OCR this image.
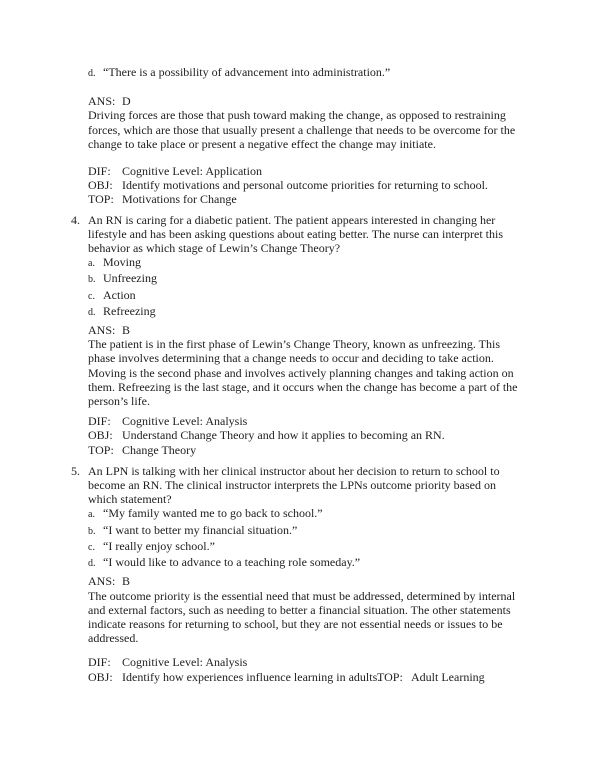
d. “There is a possibility of advancement into administration.”
ANS: D
Driving forces are those that push toward making the change, as opposed to restraining
forces, which are those that usually present a challenge that needs to be overcome for the
change to take place or present a negative effect the change may initiate.
DIF: Cognitive Level: Application
OBJ: Identify motivations and personal outcome priorities for returning to school.
TOP: Motivations for Change
4. An RN is caring for a diabetic patient. The patient appears interested in changing her
lifestyle and has been asking questions about eating better. The nurse can interpret this
behavior as which stage of Lewin’s Change Theory?
a. Moving
b. Unfreezing
c. Action
d. Refreezing
ANS: B
The patient is in the first phase of Lewin’s Change Theory, known as unfreezing. This
phase involves determining that a change needs to occur and deciding to take action.
Moving is the second phase and involves actively planning changes and taking action on
them. Refreezing is the last stage, and it occurs when the change has become a part of the
person’s life.
DIF: Cognitive Level: Analysis
OBJ: Understand Change Theory and how it applies to becoming an RN.
TOP: Change Theory
5. An LPN is talking with her clinical instructor about her decision to return to school to
become an RN. The clinical instructor interprets the LPNs outcome priority based on
which statement?
a. “My family wanted me to go back to school.”
b. “I want to better my financial situation.”
c. “I really enjoy school.”
d. “I would like to advance to a teaching role someday.”
ANS: B
The outcome priority is the essential need that must be addressed, determined by internal
and external factors, such as needing to better a financial situation. The other statements
indicate reasons for returning to school, but they are not essential needs or issues to be
addressed.
DIF: Cognitive Level: Analysis
OBJ: Identify how experiences influence learning in adults.
TOP: Adult Learning
